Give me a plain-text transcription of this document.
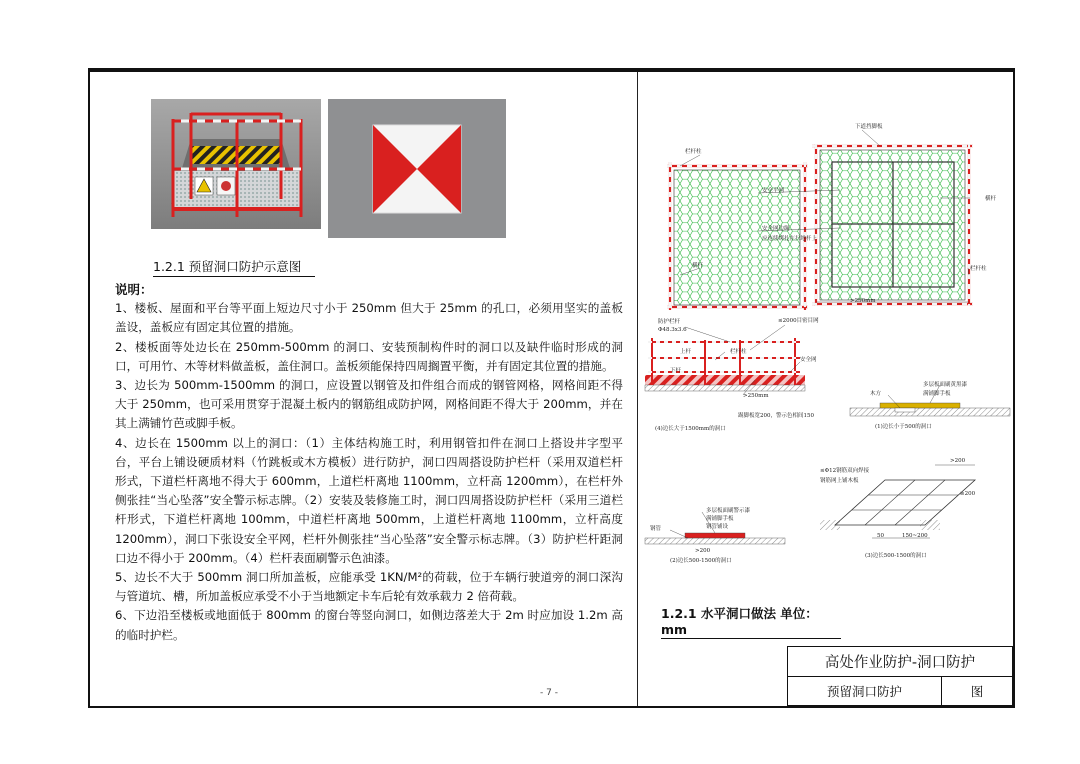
1.2.1 预留洞口防护示意图
说明：

1、楼板、屋面和平台等平面上短边尺寸小于 250mm 但大于 25mm 的孔口，必须用坚实的盖板盖设，盖板应有固定其位置的措施。

2、楼板面等处边长在 250mm-500mm 的洞口、安装预制构件时的洞口以及缺件临时形成的洞口，可用竹、木等材料做盖板，盖住洞口。盖板须能保持四周搁置平衡，并有固定其位置的措施。

3、边长为 500mm-1500mm 的洞口，应设置以钢管及扣件组合而成的钢管网格，网格间距不得大于 250mm，也可采用贯穿于混凝土板内的钢筋组成防护网，网格间距不得大于 200mm，并在其上满铺竹芭或脚手板。

4、边长在 1500mm 以上的洞口：（1）主体结构施工时，利用钢管扣件在洞口上搭设井字型平台，平台上铺设硬质材料（竹跳板或木方模板）进行防护，洞口四周搭设防护栏杆（采用双道栏杆形式，下道栏杆离地不得大于 600mm，上道栏杆离地 1100mm，立杆高 1200mm），在栏杆外侧张挂“当心坠落”安全警示标志牌。（2）安装及装修施工时，洞口四周搭设防护栏杆（采用三道栏杆形式，下道栏杆离地 100mm，中道栏杆离地 500mm，上道栏杆离地 1100mm，立杆高度 1200mm），洞口下张设安全平网，栏杆外侧张挂“当心坠落”安全警示标志牌。（3）防护栏杆距洞口边不得小于 200mm。（4）栏杆表面刷警示色油漆。

5、边长不大于 500mm 洞口所加盖板，应能承受 1KN/M²的荷载，位于车辆行驶道旁的洞口深沟与管道坑、槽，所加盖板应承受不小于当地额定卡车后轮有效承载力 2 倍荷载。

6、下边沿至楼板或地面低于 800mm 的窗台等竖向洞口，如侧边落差大于 2m 时应加设 1.2m 高的临时护栏。

- 7 -
下道挡脚板
栏杆柱
安全平网
安全网边绳
应连续绑扎在扫地杆上
横杆
横杆	栏杆柱
>250mm
防护栏杆
Φ48.3x3.6
≤2000目密目网
上杆	栏杆柱
安全网
下杆
>250mm
踢脚板宽200，警示色相间150
(4)边长大于1500mm的洞口
多层板面刷黄黑漆
满铺脚手板
木方
(1)边长小于500的洞口
≤Φ12钢筋双向焊接
钢筋网上铺木板
>200
≥200
50	150~200
(3)边长500-1500的洞口
多层板面刷警示漆
满铺脚手板
钢管	钢管铺设
>200
(2)边长500-1500的洞口
1.2.1 水平洞口做法 单位：mm
高处作业防护-洞口防护
预留洞口防护	图
